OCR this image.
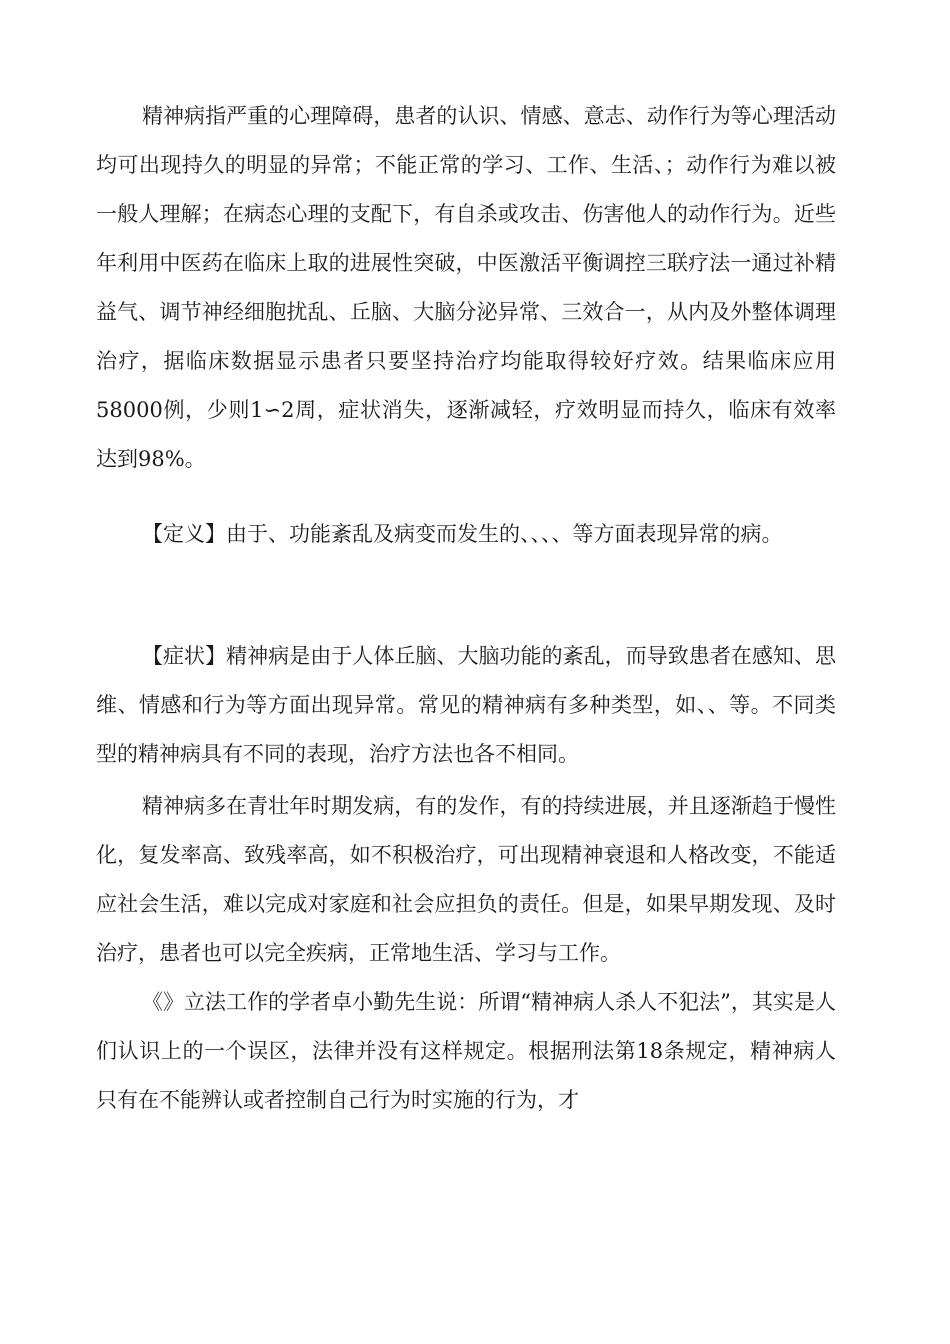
精神病指严重的心理障碍，患者的认识、情感、意志、动作行为等心理活动均可出现持久的明显的异常；不能正常的学习、工作、生活、；动作行为难以被一般人理解；在病态心理的支配下，有自杀或攻击、伤害他人的动作行为。近些年利用中医药在临床上取的进展性突破，中医激活平衡调控三联疗法一通过补精益气、调节神经细胞扰乱、丘脑、大脑分泌异常、三效合一，从内及外整体调理治疗，据临床数据显示患者只要坚持治疗均能取得较好疗效。结果临床应用58000例，少则1∽2周，症状消失，逐渐减轻，疗效明显而持久，临床有效率达到98%。

【定义】由于、功能紊乱及病变而发生的、、、、等方面表现异常的病。

【症状】精神病是由于人体丘脑、大脑功能的紊乱，而导致患者在感知、思维、情感和行为等方面出现异常。常见的精神病有多种类型，如、、等。不同类型的精神病具有不同的表现，治疗方法也各不相同。

精神病多在青壮年时期发病，有的发作，有的持续进展，并且逐渐趋于慢性化，复发率高、致残率高，如不积极治疗，可出现精神衰退和人格改变，不能适应社会生活，难以完成对家庭和社会应担负的责任。但是，如果早期发现、及时治疗，患者也可以完全疾病，正常地生活、学习与工作。

《》立法工作的学者卓小勤先生说：所谓“精神病人杀人不犯法”，其实是人们认识上的一个误区，法律并没有这样规定。根据刑法第18条规定，精神病人只有在不能辨认或者控制自己行为时实施的行为，才
